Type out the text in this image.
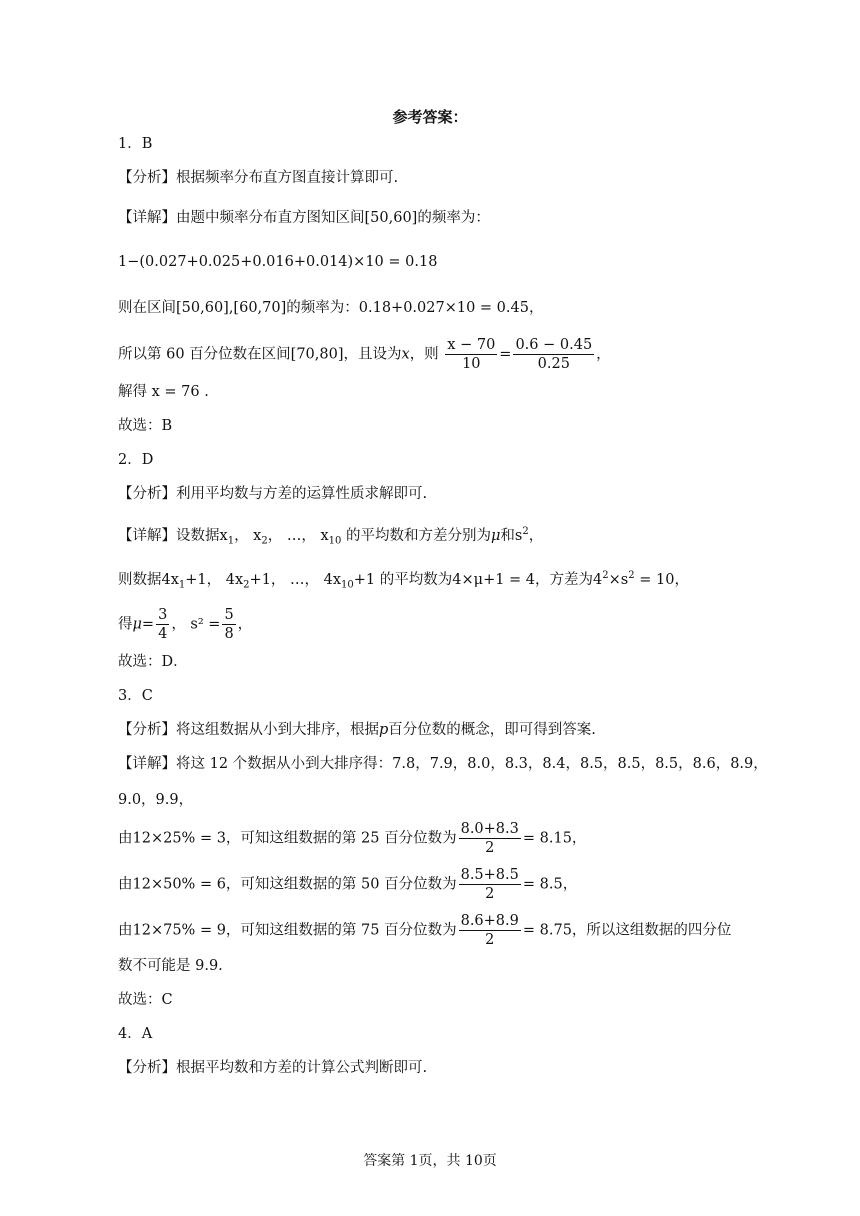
参考答案：
1．B
【分析】根据频率分布直方图直接计算即可.
【详解】由题中频率分布直方图知区间[50,60]的频率为：
1−(0.027+0.025+0.016+0.014)×10 = 0.18
则在区间[50,60],[60,70]的频率为：0.18+0.027×10 = 0.45，
所以第 60 百分位数在区间[70,80]，且设为x，则 $\frac{x - 70}{10} = \frac{0.6 - 0.45}{0.25}$ ，
解得 x = 76 .
故选：B
2．D
【分析】利用平均数与方差的运算性质求解即可.
【详解】设数据$x_1$， $x_2$， …， $x_{10}$ 的平均数和方差分别为μ和$s^2$，
则数据$4x_1+1$， $4x_2+1$， …， $4x_{10}+1$ 的平均数为4×μ+1 = 4，方差为$4^2\times s^2 = 10$，
得$\mu= \frac{3}{4}$ ， $s^2 = \frac{5}{8}$ ，
故选：D．
3．C
【分析】将这组数据从小到大排序，根据p百分位数的概念，即可得到答案.
【详解】将这 12 个数据从小到大排序得：7.8，7.9，8.0，8.3，8.4，8.5，8.5，8.5，8.6，8.9，
9.0，9.9，
由12×25% = 3，可知这组数据的第 25 百分位数为 $\frac{8.0+8.3}{2} = 8.15$，
由12×50% = 6，可知这组数据的第 50 百分位数为 $\frac{8.5+8.5}{2} = 8.5$，
由12×75% = 9，可知这组数据的第 75 百分位数为 $\frac{8.6+8.9}{2} = 8.75$，所以这组数据的四分位
数不可能是 9.9.
故选：C
4．A
【分析】根据平均数和方差的计算公式判断即可.
答案第 1页，共 10页
